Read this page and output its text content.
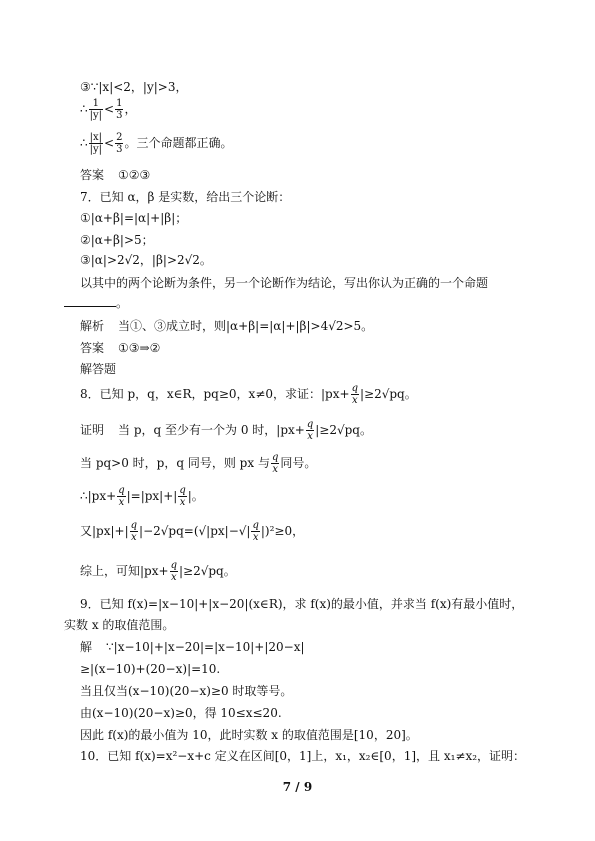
③∵|x|<2，|y|>3，
∴ $\frac{1}{|y|} < \frac{1}{3}$ ，
∴ $\frac{|x|}{|y|} < \frac{2}{3}$ 。三个命题都正确。
答案 ①②③
7．已知 α，β 是实数，给出三个论断：
①|α+β|=|α|+|β|；
②|α+β|>5；
③|α|>2√2，|β|>2√2。
以其中的两个论断为条件，另一个论断作为结论，写出你认为正确的一个命题
。
解析 当①、③成立时，则|α+β|=|α|+|β|>4√2>5。
答案 ①③⇒②
解答题
8．已知 p，q，x∈R，pq≥0，x≠0，求证：$|px+ \frac{q}{x} |\ge 2√pq$。
证明 当 p，q 至少有一个为 0 时，$|px+ \frac{q}{x} |\ge 2√pq$。
当 pq>0 时，p，q 同号，则 px 与 $\frac{q}{x}$ 同号。
∴|px+ $\frac{q}{x} |=|px|+| \frac{q}{x}$ |。
又$|px|+| \frac{q}{x} |-2√pq=(√|px|-√| \frac{q}{x} |)^2\ge 0$，
综上，可知$|px+ \frac{q}{x} |\ge 2√pq$。
9．已知 f(x)=|x−10|+|x−20|(x∈R)，求 f(x)的最小值，并求当 f(x)有最小值时，
实数 x 的取值范围。
解 ∵|x−10|+|x−20|=|x−10|+|20−x|
≥|(x−10)+(20−x)|=10.
当且仅当(x−10)(20−x)≥0 时取等号。
由(x−10)(20−x)≥0，得 10≤x≤20.
因此 f(x)的最小值为 10，此时实数 x 的取值范围是[10，20]。
10．已知 f(x)=x²−x+c 定义在区间[0，1]上，x₁，x₂∈[0，1]，且 x₁≠x₂，证明：
7 / 9
